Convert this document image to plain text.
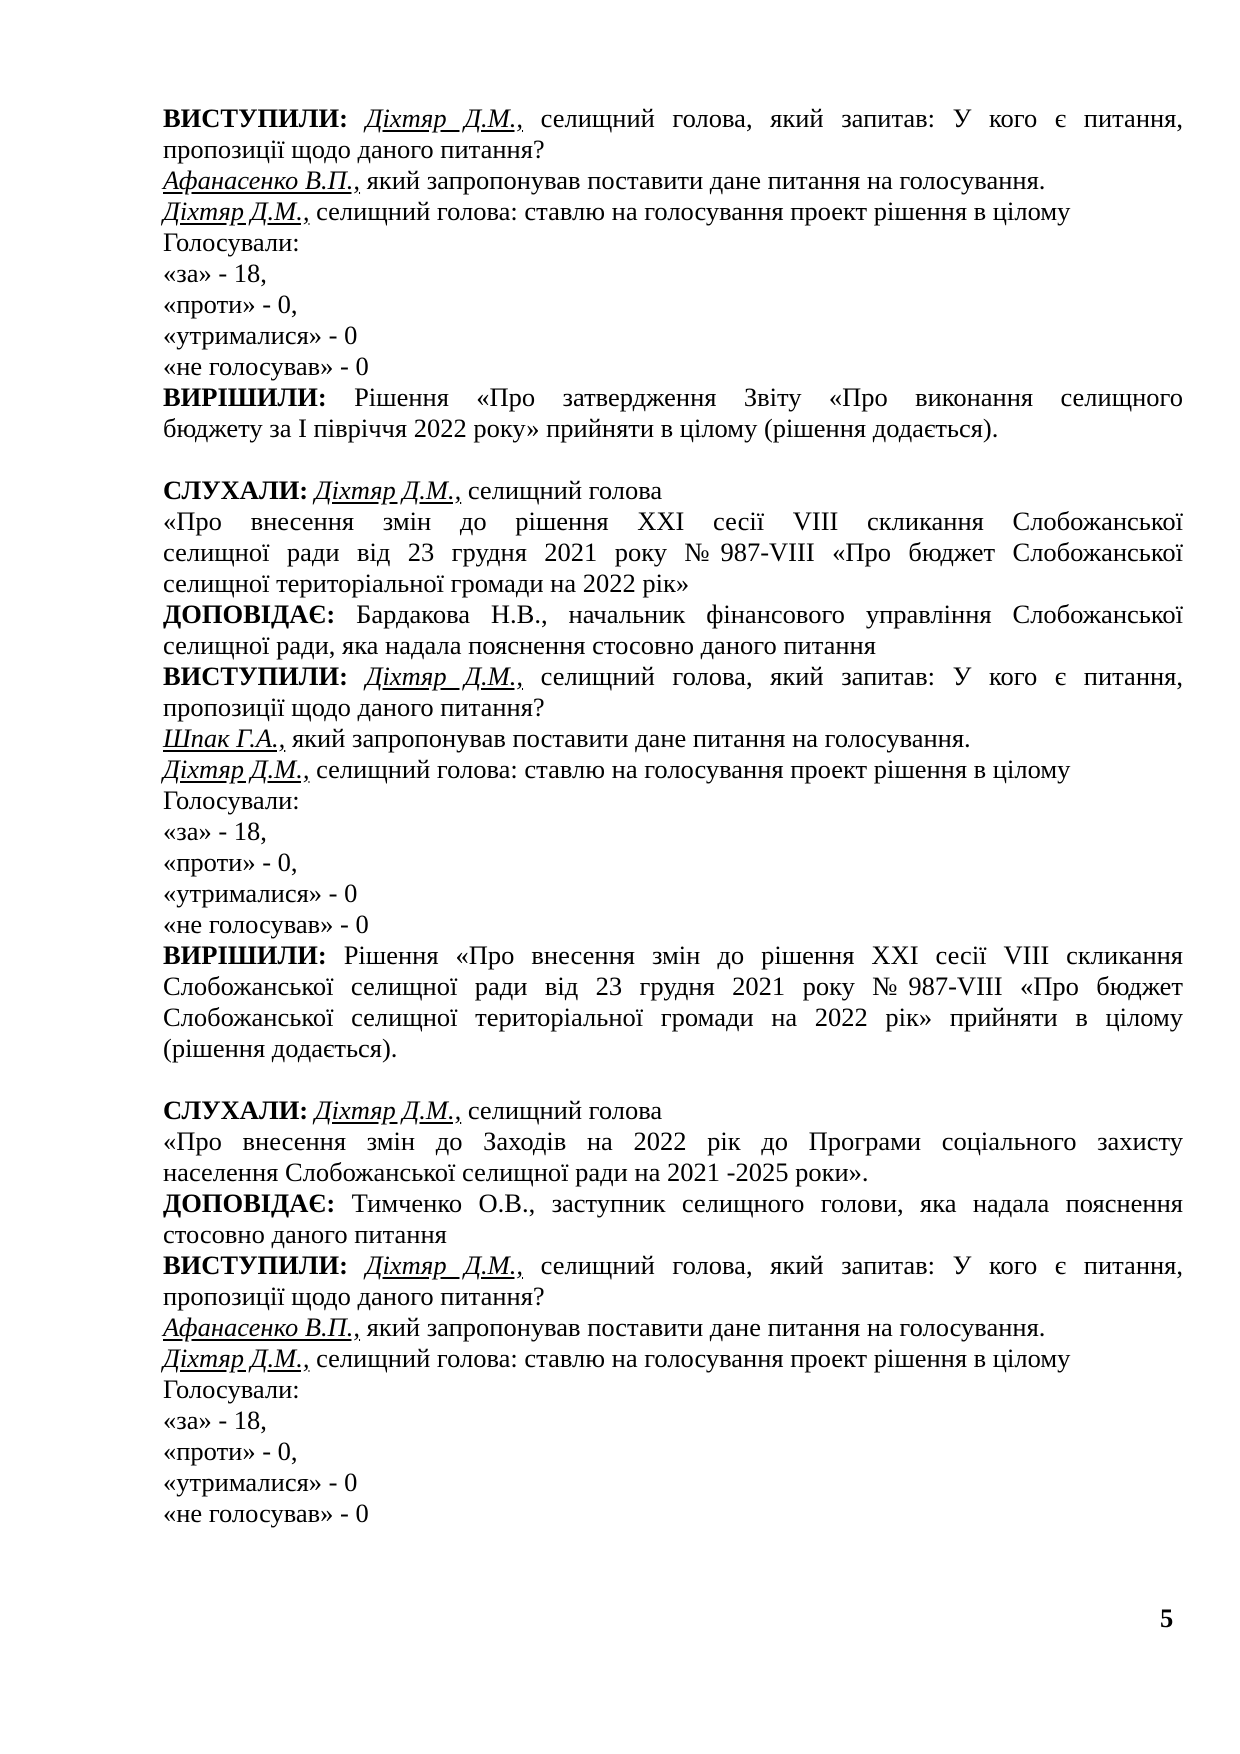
ВИСТУПИЛИ: Діхтяр Д.М., селищний голова, який запитав: У кого є питання,
пропозиції щодо даного питання?
Афанасенко В.П., який запропонував поставити дане питання на голосування.
Діхтяр Д.М., селищний голова: ставлю на голосування проект рішення в цілому
Голосували:
«за» - 18,
«проти» - 0,
«утрималися» - 0
«не голосував» - 0
ВИРІШИЛИ: Рішення «Про затвердження Звіту «Про виконання селищного
бюджету за I півріччя 2022 року» прийняти в цілому (рішення додається).
СЛУХАЛИ: Діхтяр Д.М., селищний голова
«Про внесення змін до рішення XXI сесії VIII скликання Слобожанської
селищної ради від 23 грудня 2021 року №987-VIII «Про бюджет Слобожанської
селищної територіальної громади на 2022 рік»
ДОПОВІДАЄ: Бардакова Н.В., начальник фінансового управління Слобожанської
селищної ради, яка надала пояснення стосовно даного питання
ВИСТУПИЛИ: Діхтяр Д.М., селищний голова, який запитав: У кого є питання,
пропозиції щодо даного питання?
Шпак Г.А., який запропонував поставити дане питання на голосування.
Діхтяр Д.М., селищний голова: ставлю на голосування проект рішення в цілому
Голосували:
«за» - 18,
«проти» - 0,
«утрималися» - 0
«не голосував» - 0
ВИРІШИЛИ: Рішення «Про внесення змін до рішення XXI сесії VIII скликання
Слобожанської селищної ради від 23 грудня 2021 року №987-VIII «Про бюджет
Слобожанської селищної територіальної громади на 2022 рік» прийняти в цілому
(рішення додається).
СЛУХАЛИ: Діхтяр Д.М., селищний голова
«Про внесення змін до Заходів на 2022 рік до Програми соціального захисту
населення Слобожанської селищної ради на 2021 -2025 роки».
ДОПОВІДАЄ: Тимченко О.В., заступник селищного голови, яка надала пояснення
стосовно даного питання
ВИСТУПИЛИ: Діхтяр Д.М., селищний голова, який запитав: У кого є питання,
пропозиції щодо даного питання?
Афанасенко В.П., який запропонував поставити дане питання на голосування.
Діхтяр Д.М., селищний голова: ставлю на голосування проект рішення в цілому
Голосували:
«за» - 18,
«проти» - 0,
«утрималися» - 0
«не голосував» - 0
5
